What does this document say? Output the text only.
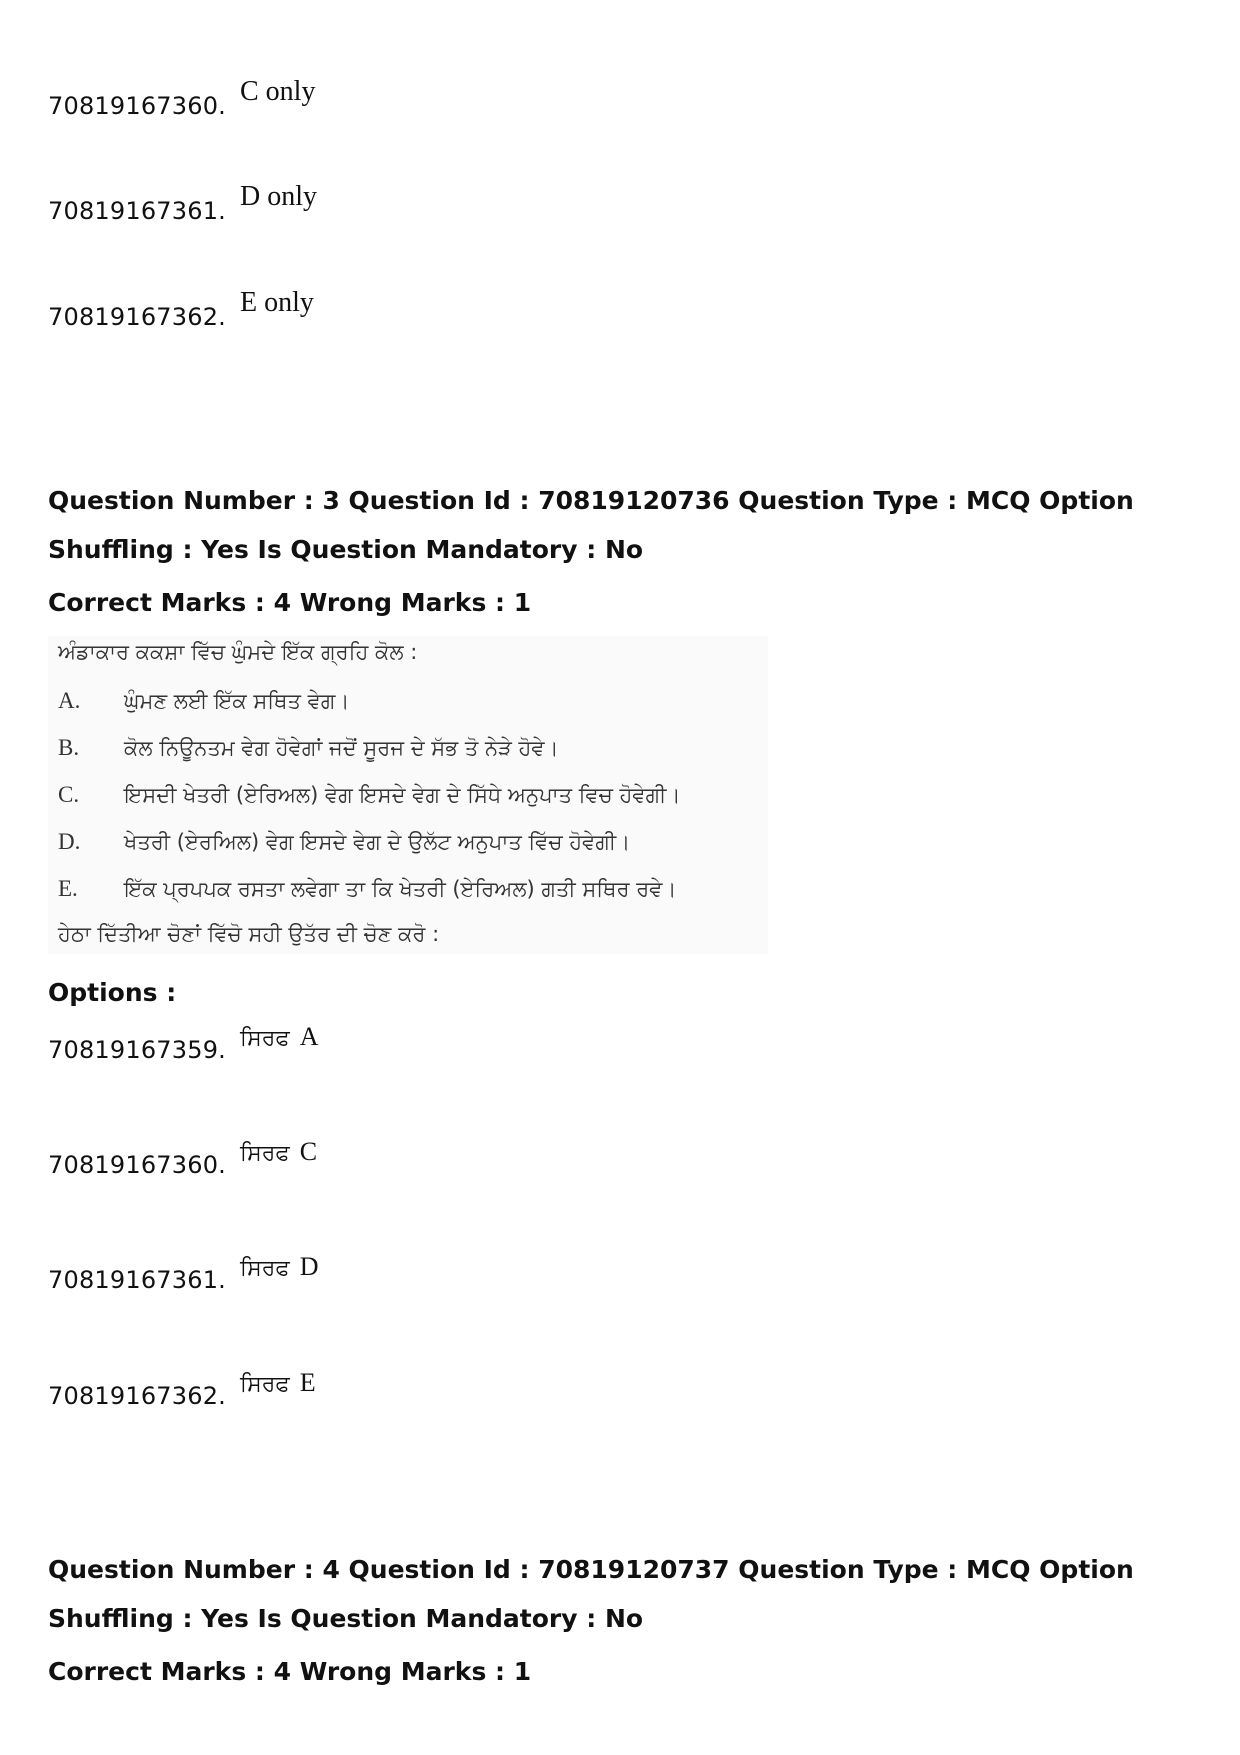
70819167360. C only
70819167361. D only
70819167362. E only
Question Number : 3 Question Id : 70819120736 Question Type : MCQ Option Shuffling : Yes Is Question Mandatory : No
Correct Marks : 4 Wrong Marks : 1
ਅੰਡਾਕਾਰ ਕਕਸ਼ਾ ਵਿੱਚ ਘੁੰਮਦੇ ਇੱਕ ਗ੍ਰਹਿ ਕੋਲ :
A. ਘੁੰਮਣ ਲਈ ਇੱਕ ਸਥਿਤ ਵੇਗ।
B. ਕੋਲ ਨਿਊਨਤਮ ਵੇਗ ਹੋਵੇਗਾਂ ਜਦੋਂ ਸੂਰਜ ਦੇ ਸੱਭ ਤੋ ਨੇੜੇ ਹੋਵੇ।
C. ਇਸਦੀ ਖੇਤਰੀ (ਏਰਿਅਲ) ਵੇਗ ਇਸਦੇ ਵੇਗ ਦੇ ਸਿੱਧੇ ਅਨੁਪਾਤ ਵਿਚ ਹੋਵੇਗੀ।
D. ਖੇਤਰੀ (ਏਰਅਿਲ) ਵੇਗ ਇਸਦੇ ਵੇਗ ਦੇ ਉਲੱਟ ਅਨੁਪਾਤ ਵਿੱਚ ਹੋਵੇਗੀ।
E. ਇੱਕ ਪ੍ਰਪਪਕ ਰਸਤਾ ਲਵੇਗਾ ਤਾ ਕਿ ਖੇਤਰੀ (ਏਰਿਅਲ) ਗਤੀ ਸਥਿਰ ਰਵੇ।
ਹੇਠਾ ਦਿੱਤੀਆ ਚੋਣਾਂ ਵਿੱਚੋ ਸਹੀ ਉਤੱਰ ਦੀ ਚੋਣ ਕਰੋ :
Options :
70819167359. ਸਿਰਫ A
70819167360. ਸਿਰਫ C
70819167361. ਸਿਰਫ D
70819167362. ਸਿਰਫ E
Question Number : 4 Question Id : 70819120737 Question Type : MCQ Option Shuffling : Yes Is Question Mandatory : No
Correct Marks : 4 Wrong Marks : 1
